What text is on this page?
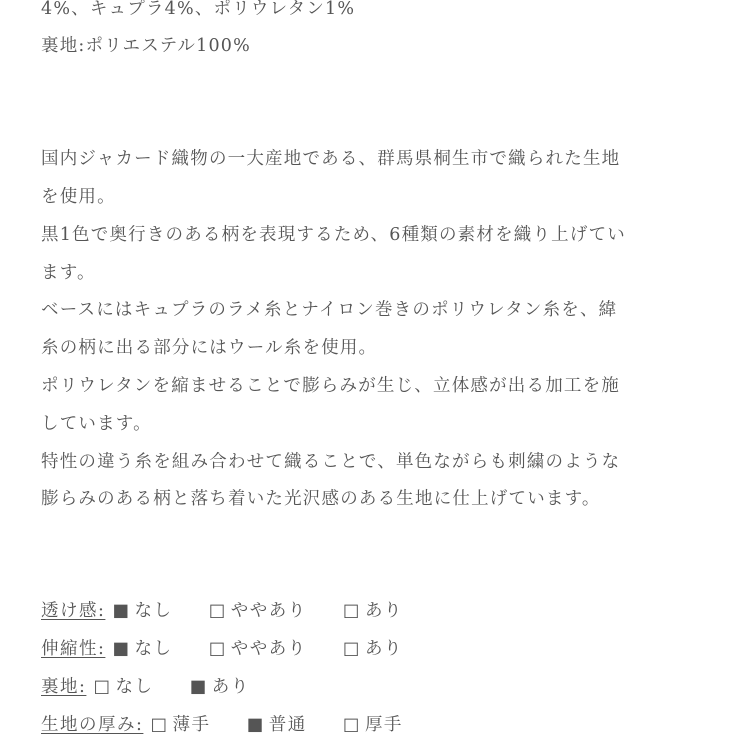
4%、キュプラ4%、ポリウレタン1%
裏地:ポリエステル100%
国内ジャカード織物の一大産地である、群馬県桐生市で織られた生地
を使用。
黒1色で奥行きのある柄を表現するため、6種類の素材を織り上げてい
ます。
ベースにはキュプラのラメ糸とナイロン巻きのポリウレタン糸を、緯
糸の柄に出る部分にはウール糸を使用。
ポリウレタンを縮ませることで膨らみが生じ、立体感が出る加工を施
しています。
特性の違う糸を組み合わせて織ることで、単色ながらも刺繍のような
膨らみのある柄と落ち着いた光沢感のある生地に仕上げています。
透け感: ■ なし □ ややあり □ あり
伸縮性: ■ なし □ ややあり □ あり
裏地: □ なし ■ あり
生地の厚み: □ 薄手 ■ 普通 □ 厚手
